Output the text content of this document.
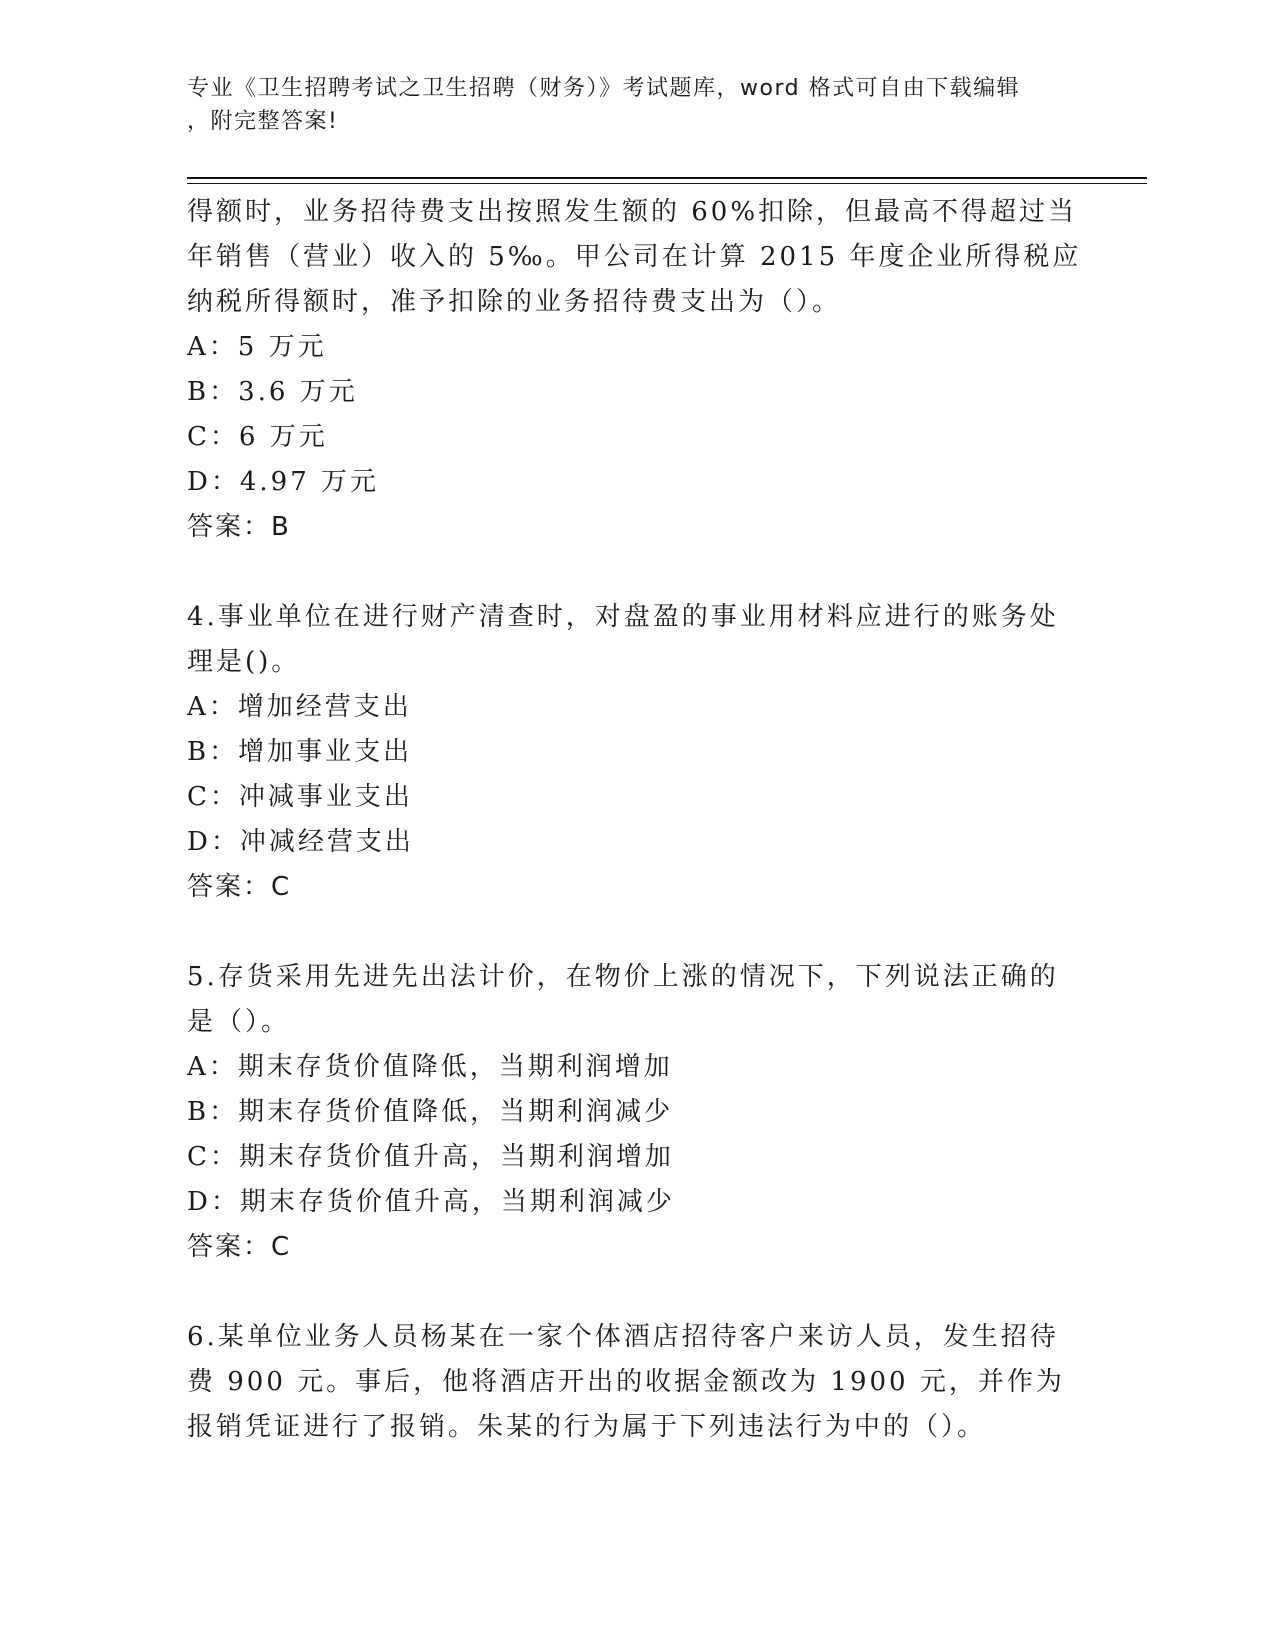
专业《卫生招聘考试之卫生招聘（财务）》考试题库，word 格式可自由下载编辑

，附完整答案!

得额时，业务招待费支出按照发生额的 60%扣除，但最高不得超过当年销售（营业）收入的 5‰。甲公司在计算 2015 年度企业所得税应纳税所得额时，准予扣除的业务招待费支出为（）。

A：5 万元

B：3.6 万元

C：6 万元

D：4.97 万元

答案：B

4.事业单位在进行财产清查时，对盘盈的事业用材料应进行的账务处理是()。

A：增加经营支出

B：增加事业支出

C：冲减事业支出

D：冲减经营支出

答案：C

5.存货采用先进先出法计价，在物价上涨的情况下，下列说法正确的是（）。

A：期末存货价值降低，当期利润增加

B：期末存货价值降低，当期利润减少

C：期末存货价值升高，当期利润增加

D：期末存货价值升高，当期利润减少

答案：C

6.某单位业务人员杨某在一家个体酒店招待客户来访人员，发生招待费 900 元。事后，他将酒店开出的收据金额改为 1900 元，并作为报销凭证进行了报销。朱某的行为属于下列违法行为中的（）。
